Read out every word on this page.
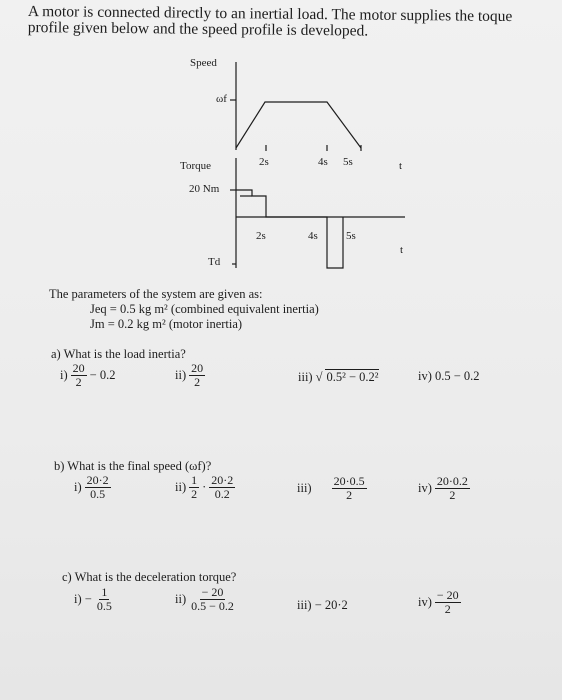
A motor is connected directly to an inertial load. The motor supplies the toque profile given below and the speed profile is developed.
Speed
ωf
Torque
20 Nm
Td
2s	4s 5s	t
2s	4s	5s
t
The parameters of the system are given as:
Jeq = 0.5 kg m² (combined equivalent inertia)
Jm = 0.2 kg m² (motor inertia)
a) What is the load inertia?
$i) \frac{20}{2} - 0.2$	$ii) \frac{20}{2}$	iii) √ 0.5² − 0.2²	iv) 0.5 − 0.2
b) What is the final speed (ωf)?
$i) \frac{20\cdot 2}{0.5}$	$ii) \frac{1}{2} \cdot \frac{20\cdot 2}{0.2}$	$iii) \frac{20\cdot 0.5}{2}$	$iv) \frac{20\cdot 0.2}{2}$
c) What is the deceleration torque?
$i) - \frac{1}{0.5}$	$ii) \frac{- 20}{0.5 - 0.2}$	iii) − 20·2	$iv) \frac{- 20}{2}$
